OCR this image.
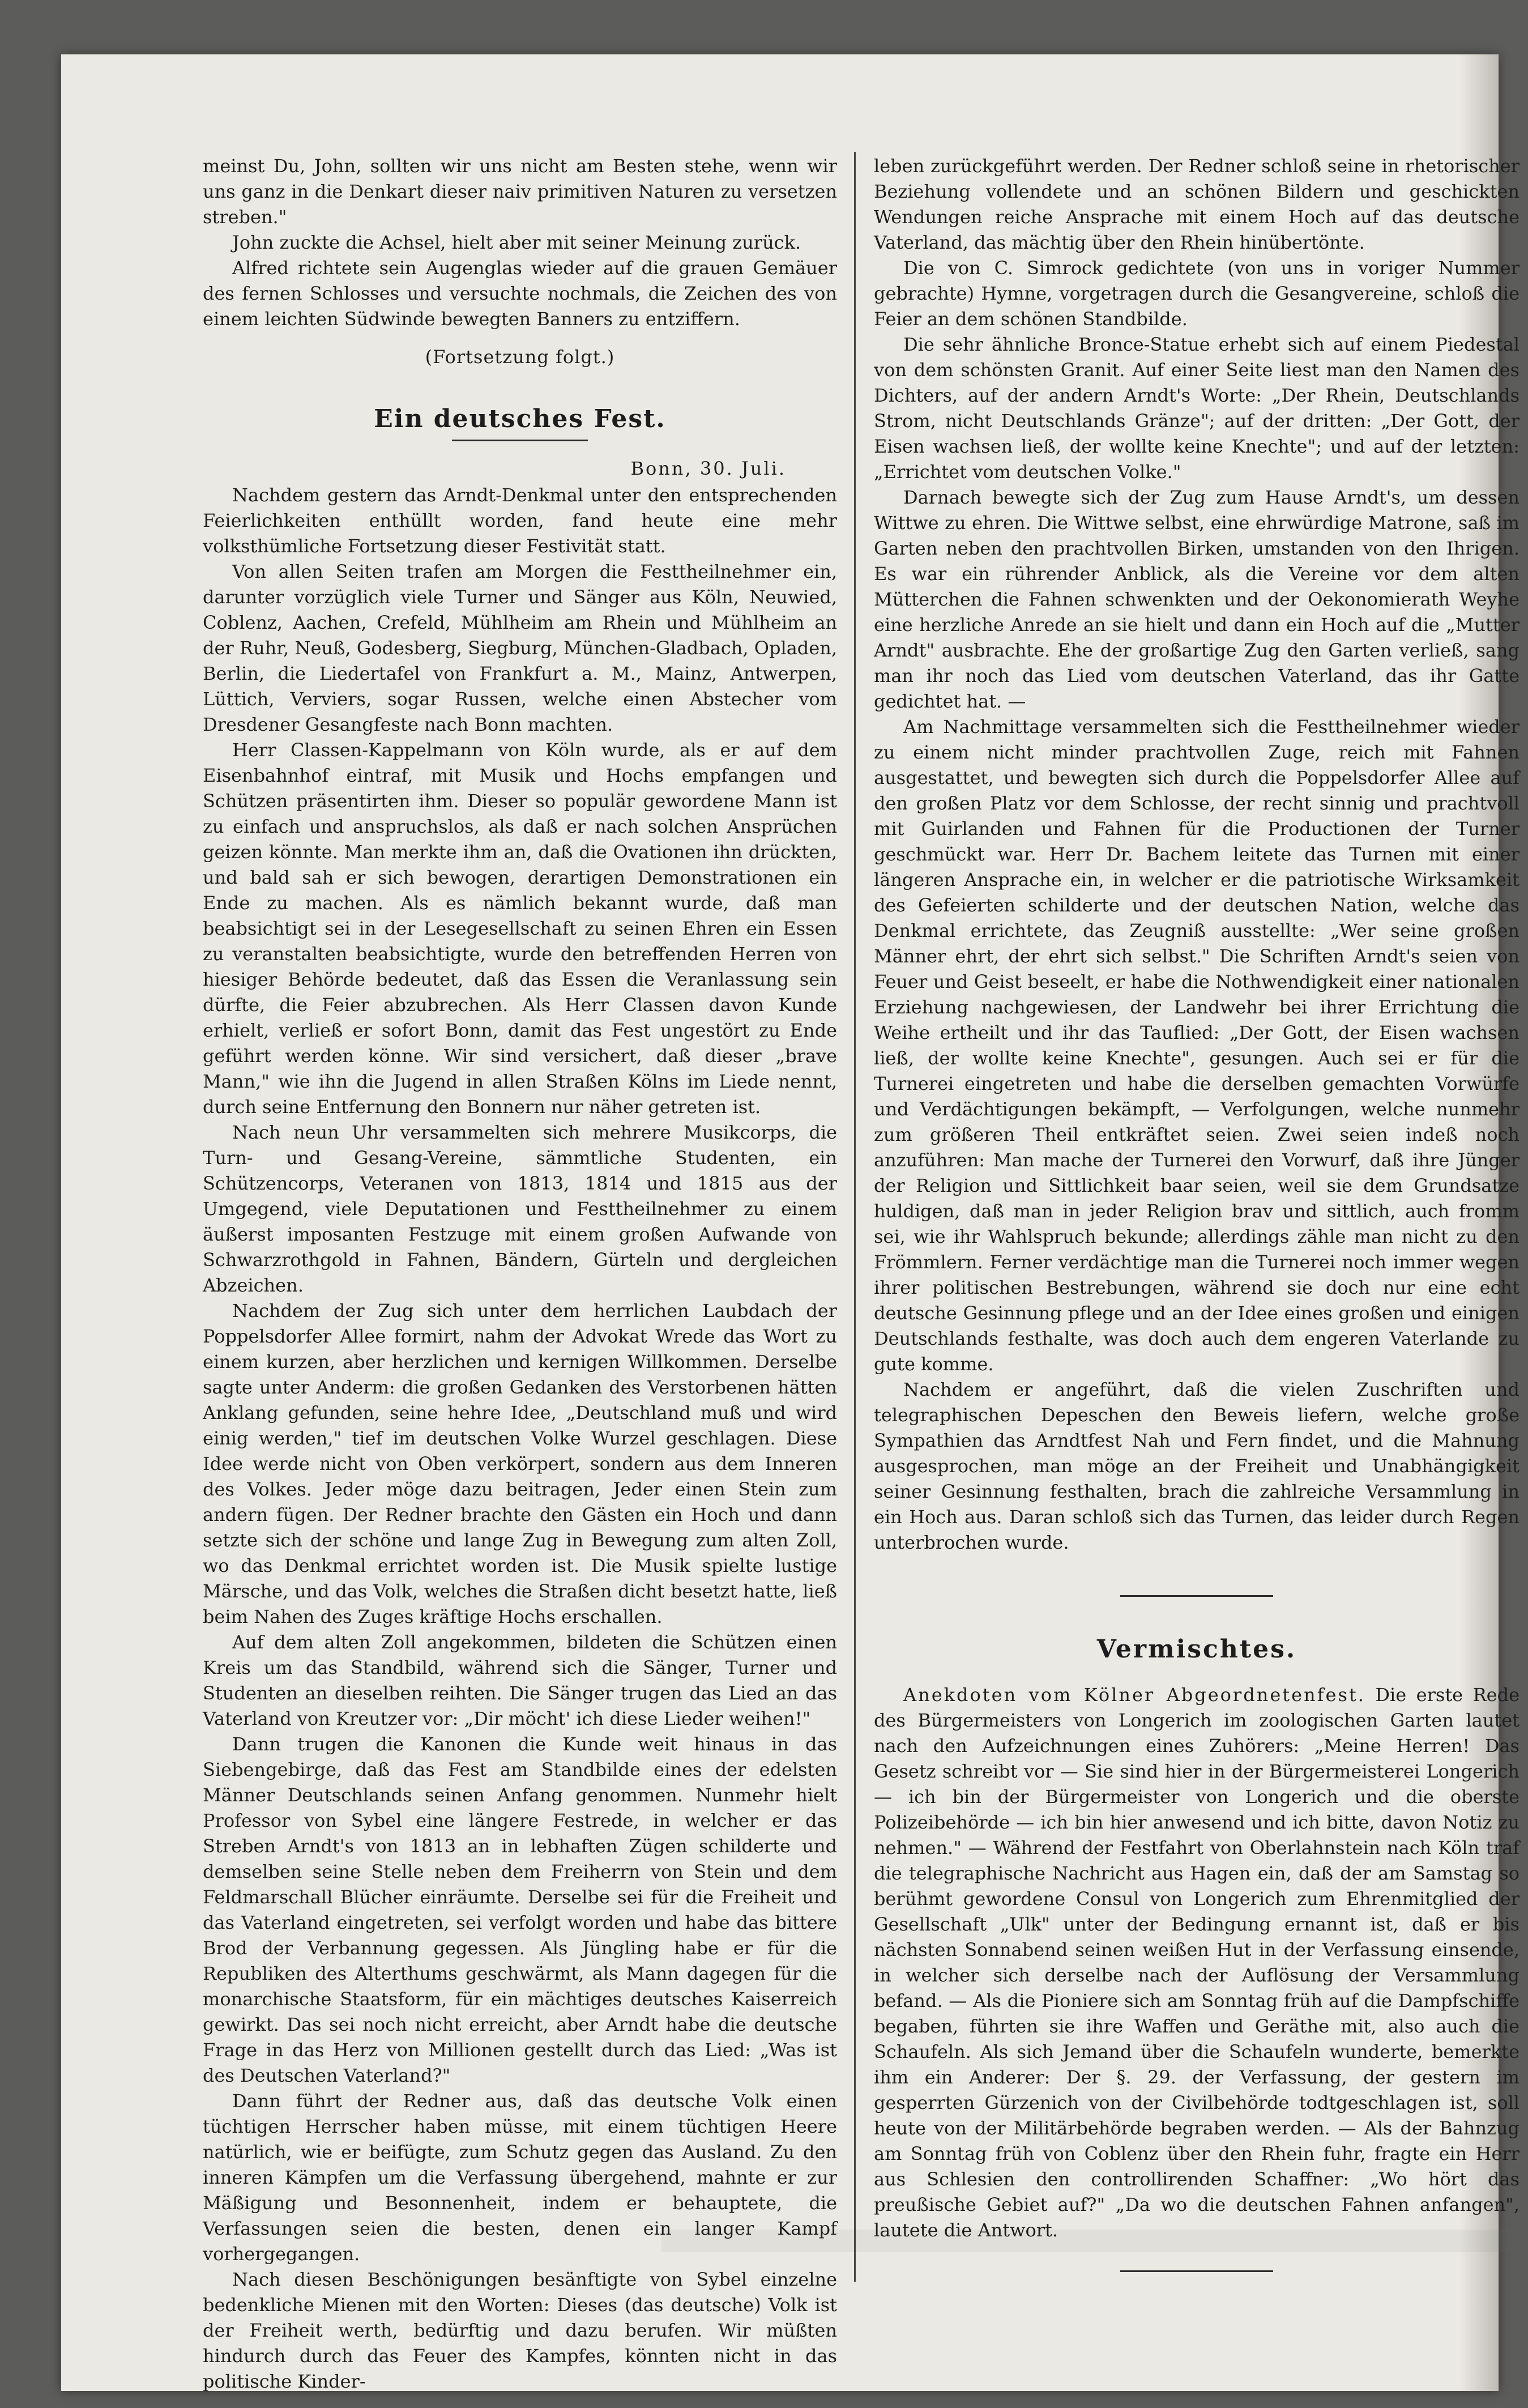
meinst Du, John, sollten wir uns nicht am Besten stehe, wenn wir uns ganz in die Denkart dieser naiv primitiven Naturen zu versetzen streben."

John zuckte die Achsel, hielt aber mit seiner Meinung zurück.

Alfred richtete sein Augenglas wieder auf die grauen Gemäuer des fernen Schlosses und versuchte nochmals, die Zeichen des von einem leichten Südwinde bewegten Banners zu entziffern.

(Fortsetzung folgt.)
Ein deutsches Fest.
Bonn, 30. Juli.

Nachdem gestern das Arndt-Denkmal unter den entsprechenden Feierlichkeiten enthüllt worden, fand heute eine mehr volksthümliche Fortsetzung dieser Festivität statt.

Von allen Seiten trafen am Morgen die Festtheilnehmer ein, darunter vorzüglich viele Turner und Sänger aus Köln, Neuwied, Coblenz, Aachen, Crefeld, Mühlheim am Rhein und Mühlheim an der Ruhr, Neuß, Godesberg, Siegburg, München-Gladbach, Opladen, Berlin, die Liedertafel von Frankfurt a. M., Mainz, Antwerpen, Lüttich, Verviers, sogar Russen, welche einen Abstecher vom Dresdener Gesangfeste nach Bonn machten.

Herr Classen-Kappelmann von Köln wurde, als er auf dem Eisenbahnhof eintraf, mit Musik und Hochs empfangen und Schützen präsentirten ihm. Dieser so populär gewordene Mann ist zu einfach und anspruchslos, als daß er nach solchen Ansprüchen geizen könnte. Man merkte ihm an, daß die Ovationen ihn drückten, und bald sah er sich bewogen, derartigen Demonstrationen ein Ende zu machen. Als es nämlich bekannt wurde, daß man beabsichtigt sei in der Lesegesellschaft zu seinen Ehren ein Essen zu veranstalten beabsichtigte, wurde den betreffenden Herren von hiesiger Behörde bedeutet, daß das Essen die Veranlassung sein dürfte, die Feier abzubrechen. Als Herr Classen davon Kunde erhielt, verließ er sofort Bonn, damit das Fest ungestört zu Ende geführt werden könne. Wir sind versichert, daß dieser „brave Mann," wie ihn die Jugend in allen Straßen Kölns im Liede nennt, durch seine Entfernung den Bonnern nur näher getreten ist.

Nach neun Uhr versammelten sich mehrere Musikcorps, die Turn- und Gesang-Vereine, sämmtliche Studenten, ein Schützencorps, Veteranen von 1813, 1814 und 1815 aus der Umgegend, viele Deputationen und Festtheilnehmer zu einem äußerst imposanten Festzuge mit einem großen Aufwande von Schwarzrothgold in Fahnen, Bändern, Gürteln und dergleichen Abzeichen.

Nachdem der Zug sich unter dem herrlichen Laubdach der Poppelsdorfer Allee formirt, nahm der Advokat Wrede das Wort zu einem kurzen, aber herzlichen und kernigen Willkommen. Derselbe sagte unter Anderm: die großen Gedanken des Verstorbenen hätten Anklang gefunden, seine hehre Idee, „Deutschland muß und wird einig werden," tief im deutschen Volke Wurzel geschlagen. Diese Idee werde nicht von Oben verkörpert, sondern aus dem Inneren des Volkes. Jeder möge dazu beitragen, Jeder einen Stein zum andern fügen. Der Redner brachte den Gästen ein Hoch und dann setzte sich der schöne und lange Zug in Bewegung zum alten Zoll, wo das Denkmal errichtet worden ist. Die Musik spielte lustige Märsche, und das Volk, welches die Straßen dicht besetzt hatte, ließ beim Nahen des Zuges kräftige Hochs erschallen.

Auf dem alten Zoll angekommen, bildeten die Schützen einen Kreis um das Standbild, während sich die Sänger, Turner und Studenten an dieselben reihten. Die Sänger trugen das Lied an das Vaterland von Kreutzer vor: „Dir möcht' ich diese Lieder weihen!"

Dann trugen die Kanonen die Kunde weit hinaus in das Siebengebirge, daß das Fest am Standbilde eines der edelsten Männer Deutschlands seinen Anfang genommen. Nunmehr hielt Professor von Sybel eine längere Festrede, in welcher er das Streben Arndt's von 1813 an in lebhaften Zügen schilderte und demselben seine Stelle neben dem Freiherrn von Stein und dem Feldmarschall Blücher einräumte. Derselbe sei für die Freiheit und das Vaterland eingetreten, sei verfolgt worden und habe das bittere Brod der Verbannung gegessen. Als Jüngling habe er für die Republiken des Alterthums geschwärmt, als Mann dagegen für die monarchische Staatsform, für ein mächtiges deutsches Kaiserreich gewirkt. Das sei noch nicht erreicht, aber Arndt habe die deutsche Frage in das Herz von Millionen gestellt durch das Lied: „Was ist des Deutschen Vaterland?"

Dann führt der Redner aus, daß das deutsche Volk einen tüchtigen Herrscher haben müsse, mit einem tüchtigen Heere natürlich, wie er beifügte, zum Schutz gegen das Ausland. Zu den inneren Kämpfen um die Verfassung übergehend, mahnte er zur Mäßigung und Besonnenheit, indem er behauptete, die Verfassungen seien die besten, denen ein langer Kampf vorhergegangen.

Nach diesen Beschönigungen besänftigte von Sybel einzelne bedenkliche Mienen mit den Worten: Dieses (das deutsche) Volk ist der Freiheit werth, bedürftig und dazu berufen. Wir müßten hindurch durch das Feuer des Kampfes, könnten nicht in das politische Kinder-

leben zurückgeführt werden. Der Redner schloß seine in rhetorischer Beziehung vollendete und an schönen Bildern und geschickten Wendungen reiche Ansprache mit einem Hoch auf das deutsche Vaterland, das mächtig über den Rhein hinübertönte.

Die von C. Simrock gedichtete (von uns in voriger Nummer gebrachte) Hymne, vorgetragen durch die Gesangvereine, schloß die Feier an dem schönen Standbilde.

Die sehr ähnliche Bronce-Statue erhebt sich auf einem Piedestal von dem schönsten Granit. Auf einer Seite liest man den Namen des Dichters, auf der andern Arndt's Worte: „Der Rhein, Deutschlands Strom, nicht Deutschlands Gränze"; auf der dritten: „Der Gott, der Eisen wachsen ließ, der wollte keine Knechte"; und auf der letzten: „Errichtet vom deutschen Volke."

Darnach bewegte sich der Zug zum Hause Arndt's, um dessen Wittwe zu ehren. Die Wittwe selbst, eine ehrwürdige Matrone, saß im Garten neben den prachtvollen Birken, umstanden von den Ihrigen. Es war ein rührender Anblick, als die Vereine vor dem alten Mütterchen die Fahnen schwenkten und der Oekonomierath Weyhe eine herzliche Anrede an sie hielt und dann ein Hoch auf die „Mutter Arndt" ausbrachte. Ehe der großartige Zug den Garten verließ, sang man ihr noch das Lied vom deutschen Vaterland, das ihr Gatte gedichtet hat. —

Am Nachmittage versammelten sich die Festtheilnehmer wieder zu einem nicht minder prachtvollen Zuge, reich mit Fahnen ausgestattet, und bewegten sich durch die Poppelsdorfer Allee auf den großen Platz vor dem Schlosse, der recht sinnig und prachtvoll mit Guirlanden und Fahnen für die Productionen der Turner geschmückt war. Herr Dr. Bachem leitete das Turnen mit einer längeren Ansprache ein, in welcher er die patriotische Wirksamkeit des Gefeierten schilderte und der deutschen Nation, welche das Denkmal errichtete, das Zeugniß ausstellte: „Wer seine großen Männer ehrt, der ehrt sich selbst." Die Schriften Arndt's seien von Feuer und Geist beseelt, er habe die Nothwendigkeit einer nationalen Erziehung nachgewiesen, der Landwehr bei ihrer Errichtung die Weihe ertheilt und ihr das Tauflied: „Der Gott, der Eisen wachsen ließ, der wollte keine Knechte", gesungen. Auch sei er für die Turnerei eingetreten und habe die derselben gemachten Vorwürfe und Verdächtigungen bekämpft, — Verfolgungen, welche nunmehr zum größeren Theil entkräftet seien. Zwei seien indeß noch anzuführen: Man mache der Turnerei den Vorwurf, daß ihre Jünger der Religion und Sittlichkeit baar seien, weil sie dem Grundsatze huldigen, daß man in jeder Religion brav und sittlich, auch fromm sei, wie ihr Wahlspruch bekunde; allerdings zähle man nicht zu den Frömmlern. Ferner verdächtige man die Turnerei noch immer wegen ihrer politischen Bestrebungen, während sie doch nur eine echt deutsche Gesinnung pflege und an der Idee eines großen und einigen Deutschlands festhalte, was doch auch dem engeren Vaterlande zu gute komme.

Nachdem er angeführt, daß die vielen Zuschriften und telegraphischen Depeschen den Beweis liefern, welche große Sympathien das Arndtfest Nah und Fern findet, und die Mahnung ausgesprochen, man möge an der Freiheit und Unabhängigkeit seiner Gesinnung festhalten, brach die zahlreiche Versammlung in ein Hoch aus. Daran schloß sich das Turnen, das leider durch Regen unterbrochen wurde.

Vermischtes.

Anekdoten vom Kölner Abgeordnetenfest. Die erste Rede des Bürgermeisters von Longerich im zoologischen Garten lautet nach den Aufzeichnungen eines Zuhörers: „Meine Herren! Das Gesetz schreibt vor — Sie sind hier in der Bürgermeisterei Longerich — ich bin der Bürgermeister von Longerich und die oberste Polizeibehörde — ich bin hier anwesend und ich bitte, davon Notiz zu nehmen." — Während der Festfahrt von Oberlahnstein nach Köln traf die telegraphische Nachricht aus Hagen ein, daß der am Samstag so berühmt gewordene Consul von Longerich zum Ehrenmitglied der Gesellschaft „Ulk" unter der Bedingung ernannt ist, daß er bis nächsten Sonnabend seinen weißen Hut in der Verfassung einsende, in welcher sich derselbe nach der Auflösung der Versammlung befand. — Als die Pioniere sich am Sonntag früh auf die Dampfschiffe begaben, führten sie ihre Waffen und Geräthe mit, also auch die Schaufeln. Als sich Jemand über die Schaufeln wunderte, bemerkte ihm ein Anderer: Der §. 29. der Verfassung, der gestern im gesperrten Gürzenich von der Civilbehörde todtgeschlagen ist, soll heute von der Militärbehörde begraben werden. — Als der Bahnzug am Sonntag früh von Coblenz über den Rhein fuhr, fragte ein Herr aus Schlesien den controllirenden Schaffner: „Wo hört das preußische Gebiet auf?" „Da wo die deutschen Fahnen anfangen", lautete die Antwort.
